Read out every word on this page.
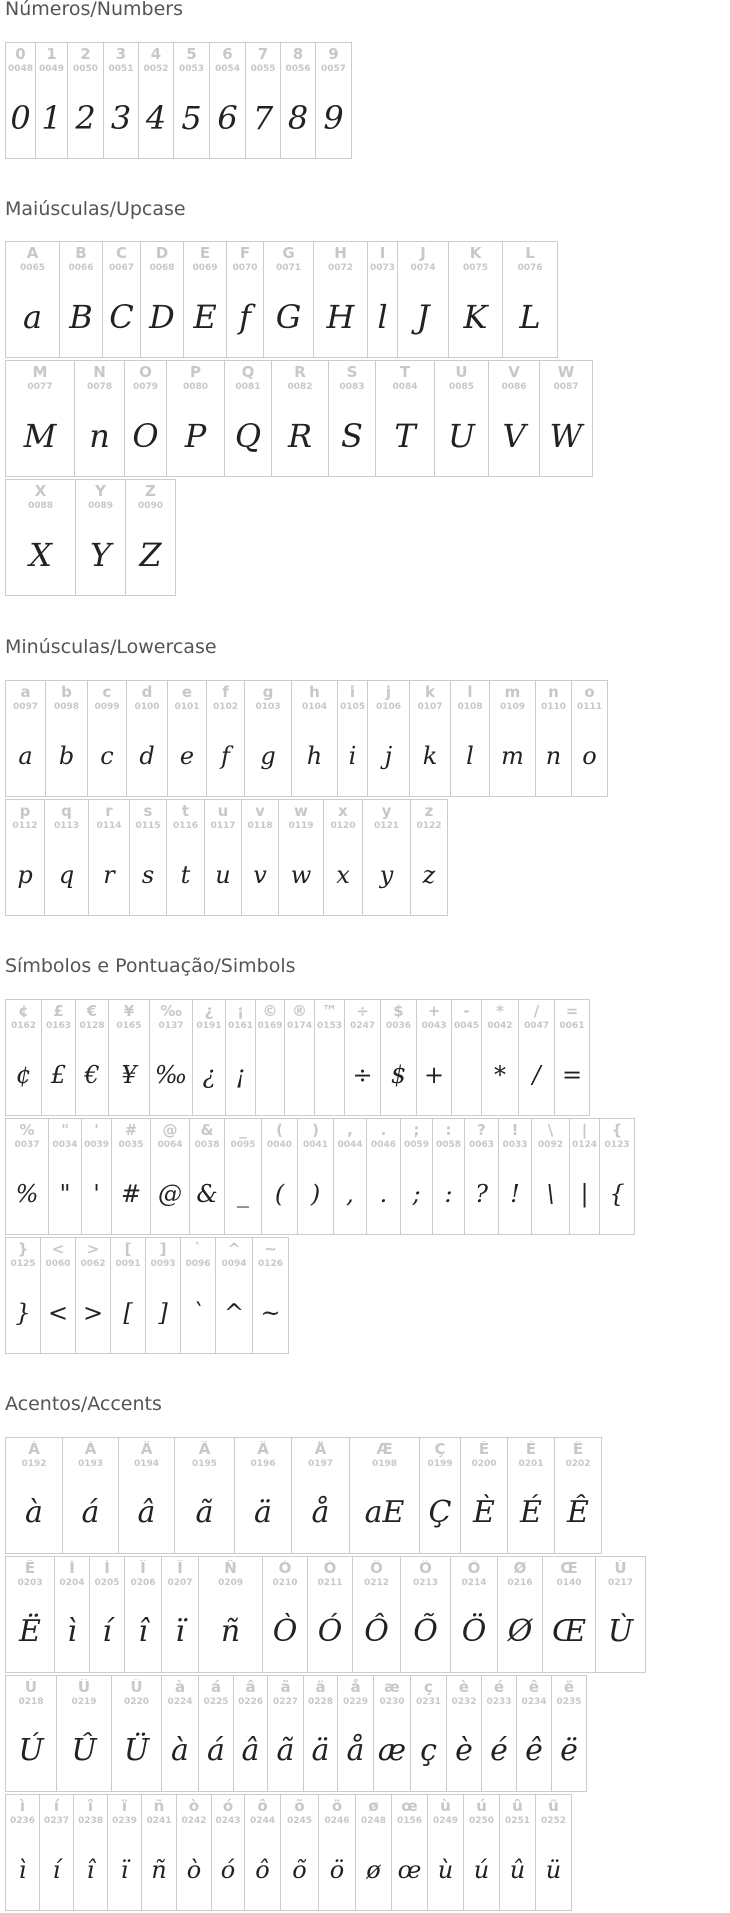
Números/Numbers
0
0048
0
1
0049
1
2
0050
2
3
0051
3
4
0052
4
5
0053
5
6
0054
6
7
0055
7
8
0056
8
9
0057
9
Maiúsculas/Upcase
A
0065
a
B
0066
B
C
0067
C
D
0068
D
E
0069
E
F
0070
f
G
0071
G
H
0072
H
I
0073
l
J
0074
J
K
0075
K
L
0076
L
M
0077
M
N
0078
n
O
0079
O
P
0080
P
Q
0081
Q
R
0082
R
S
0083
S
T
0084
T
U
0085
U
V
0086
V
W
0087
W
X
0088
X
Y
0089
Y
Z
0090
Z
Minúsculas/Lowercase
a
0097
a
b
0098
b
c
0099
c
d
0100
d
e
0101
e
f
0102
f
g
0103
g
h
0104
h
i
0105
i
j
0106
j
k
0107
k
l
0108
l
m
0109
m
n
0110
n
o
0111
o
p
0112
p
q
0113
q
r
0114
r
s
0115
s
t
0116
t
u
0117
u
v
0118
v
w
0119
w
x
0120
x
y
0121
y
z
0122
z
Símbolos e Pontuação/Simbols
¢
0162
¢
£
0163
£
€
0128
€
¥
0165
¥
‰
0137
‰
¿
0191
¿
¡
0161
¡
©
0169
®
0174
™
0153
÷
0247
÷
$
0036
$
+
0043
+
-
0045
*
0042
*
/
0047
/
=
0061
=
%
0037
%
"
0034
"
'
0039
'
#
0035
#
@
0064
@
&
0038
&
_
0095
_
(
0040
(
)
0041
)
,
0044
,
.
0046
.
;
0059
;
:
0058
:
?
0063
?
!
0033
!
\
0092
\
|
0124
|
{
0123
{
}
0125
}
<
0060
<
>
0062
>
[
0091
[
]
0093
]
`
0096
`
^
0094
^
~
0126
~
Acentos/Accents
À
0192
à
Á
0193
á
Â
0194
â
Ã
0195
ã
Ä
0196
ä
Å
0197
å
Æ
0198
aE
Ç
0199
Ç
È
0200
È
É
0201
É
Ê
0202
Ê
Ë
0203
Ë
Ì
0204
ì
Í
0205
í
Î
0206
î
Ï
0207
ï
Ñ
0209
ñ
Ò
0210
Ò
Ó
0211
Ó
Ô
0212
Ô
Õ
0213
Õ
Ö
0214
Ö
Ø
0216
Ø
Œ
0140
Œ
Ù
0217
Ù
Ú
0218
Ú
Û
0219
Û
Ü
0220
Ü
à
0224
à
á
0225
á
â
0226
â
ã
0227
ã
ä
0228
ä
å
0229
å
æ
0230
æ
ç
0231
ç
è
0232
è
é
0233
é
ê
0234
ê
ë
0235
ë
ì
0236
ì
í
0237
í
î
0238
î
ï
0239
ï
ñ
0241
ñ
ò
0242
ò
ó
0243
ó
ô
0244
ô
õ
0245
õ
ö
0246
ö
ø
0248
ø
œ
0156
œ
ù
0249
ù
ú
0250
ú
û
0251
û
ü
0252
ü
